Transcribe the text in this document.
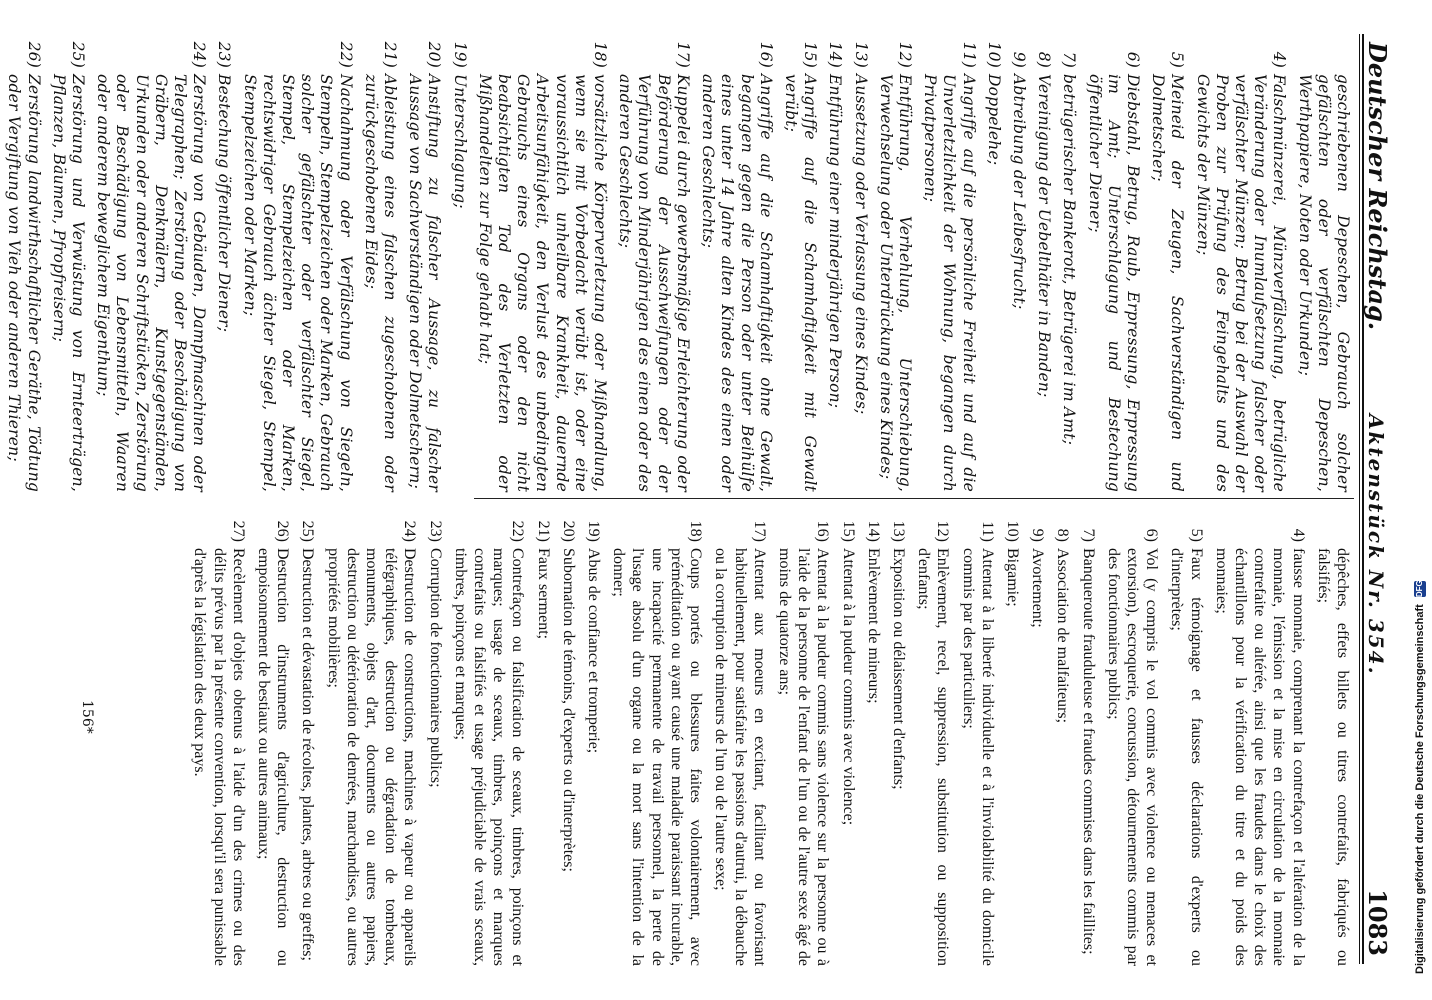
Deutscher Reichstag.
Aktenstück Nr. 354.
1083
geschriebenen Depeschen, Gebrauch solcher gefälschten oder verfälschten Depeschen, Werthpapiere, Noten oder Urkunden;
4)
Falschmünzerei, Münzverfälschung, betrügliche Veränderung oder Inumlaufsetzung falscher oder verfälschter Münzen; Betrug bei der Auswahl der Proben zur Prüfung des Feingehalts und des Gewichts der Münzen;
5)
Meineid der Zeugen, Sachverständigen und Dolmetscher;
6)
Diebstahl, Betrug, Raub, Erpressung, Erpressung im Amt; Unterschlagung und Bestechung öffentlicher Diener;
7)
betrügerischer Bankerott, Betrügerei im Amt;
8)
Vereinigung der Uebelthäter in Banden;
9)
Abtreibung der Leibesfrucht;
10)
Doppelehe;
11)
Angriffe auf die persönliche Freiheit und auf die Unverletzlichkeit der Wohnung, begangen durch Privatpersonen;
12)
Entführung, Verhehlung, Unterschiebung, Verwechselung oder Unterdrückung eines Kindes;
13)
Aussetzung oder Verlassung eines Kindes;
14)
Entführung einer minderjährigen Person;
15)
Angriffe auf die Schamhaftigkeit mit Gewalt verübt;
16)
Angriffe auf die Schamhaftigkeit ohne Gewalt, begangen gegen die Person oder unter Beihülfe eines unter 14 Jahre alten Kindes des einen oder anderen Geschlechts;
17)
Kuppelei durch gewerbsmäßige Erleichterung oder Beförderung der Ausschweifungen oder der Verführung von Minderjährigen des einen oder des anderen Geschlechts;
18)
vorsätzliche Körperverletzung oder Mißhandlung, wenn sie mit Vorbedacht verübt ist, oder eine voraussichtlich unheilbare Krankheit, dauernde Arbeitsunfähigkeit, den Verlust des unbedingten Gebrauchs eines Organs oder den nicht beabsichtigten Tod des Verletzten oder Mißhandelten zur Folge gehabt hat;
19)
Unterschlagung;
20)
Anstiftung zu falscher Aussage, zu falscher Aussage von Sachverständigen oder Dolmetschern;
21)
Ableistung eines falschen zugeschobenen oder zurückgeschobenen Eides;
22)
Nachahmung oder Verfälschung von Siegeln, Stempeln, Stempelzeichen oder Marken, Gebrauch solcher gefälschter oder verfälschter Siegel, Stempel, Stempelzeichen oder Marken, rechtswidriger Gebrauch ächter Siegel, Stempel, Stempelzeichen oder Marken;
23)
Bestechung öffentlicher Diener;
24)
Zerstörung von Gebäuden, Dampfmaschinen oder Telegraphen; Zerstörung oder Beschädigung von Gräbern, Denkmälern, Kunstgegenständen, Urkunden oder anderen Schriftstücken, Zerstörung oder Beschädigung von Lebensmitteln, Waaren oder anderem beweglichem Eigenthum;
25)
Zerstörung und Verwüstung von Ernteerträgen, Pflanzen, Bäumen, Pfropfreisern;
26)
Zerstörung landwirthschaftlicher Geräthe, Tödtung oder Vergiftung von Vieh oder anderen Thieren;
dépêches, effets billets ou titres contrefaits, fabriqués ou falsifiés;
4)
fausse monnaie, comprenant la contrefaçon et l'altération de la monnaie, l'émission et la mise en circulation de la monnaie contrefaite ou altérée, ainsi que les fraudes dans le choix des échantillons pour la vérification du titre et du poids des monnaies;
5)
Faux témoignage et fausses déclarations d'experts ou d'interprètes;
6)
Vol (y compris le vol commis avec violence ou menaces et extorsion), escroquerie, concussion, détournements commis par des fonctionnaires publics;
7)
Banqueroute frauduleuse et fraudes commises dans les faillites;
8)
Association de malfaiteurs;
9)
Avortement;
10)
Bigamie;
11)
Attentat à la liberté individuelle et à l'inviolabilité du domicile commis par des particuliers;
12)
Enlèvement, recel, suppression, substitution ou supposition d'enfants;
13)
Exposition ou délaissement d'enfants;
14)
Enlèvement de mineurs;
15)
Attentat à la pudeur commis avec violence;
16)
Attentat à la pudeur commis sans violence sur la personne ou à l'aide de la personne de l'enfant de l'un ou de l'autre sexe âgé de moins de quatorze ans;
17)
Attentat aux moeurs en excitant, facilitant ou favorisant habituellement, pour satisfaire les passions d'autrui, la débauche ou la corruption de mineurs de l'un ou de l'autre sexe;
18)
Coups portés ou blessures faites volontairement, avec préméditation ou ayant causé une maladie paraissant incurable, une incapacité permanente de travail personnel, la perte de l'usage absolu d'un organe ou la mort sans l'intention de la donner;
19)
Abus de confiance et tromperie;
20)
Subornation de témoins, d'experts ou d'interprètes;
21)
Faux serment;
22)
Contrefaçon ou falsification de sceaux, timbres, poinçons et marques; usage de sceaux, timbres, poinçons et marques contrefaits ou falsifiés et usage préjudiciable de vrais sceaux, timbres, poinçons et marques;
23)
Corruption de fonctionnaires publics;
24)
Destruction de constructions, machines à vapeur ou appareils télégraphiques, destruction ou dégradation de tombeaux, monuments, objets d'art, documents ou autres papiers, destruction ou détérioration de denrées, marchandises, ou autres propriétés mobilières;
25)
Destruction et dévastation de récoltes, plantes, arbres ou greffes;
26)
Destruction d'instruments d'agriculture, destruction ou empoisonnement de bestiaux ou autres animaux;
27)
Recèlement d'objets obtenus à l'aide d'un des crimes ou des délits prévus par la présente convention, lorsqu'il sera punissable d'après la législation des deux pays.
156*	Digitalisierung gefördert durch die Deutsche Forschungsgemeinschaft DFG
